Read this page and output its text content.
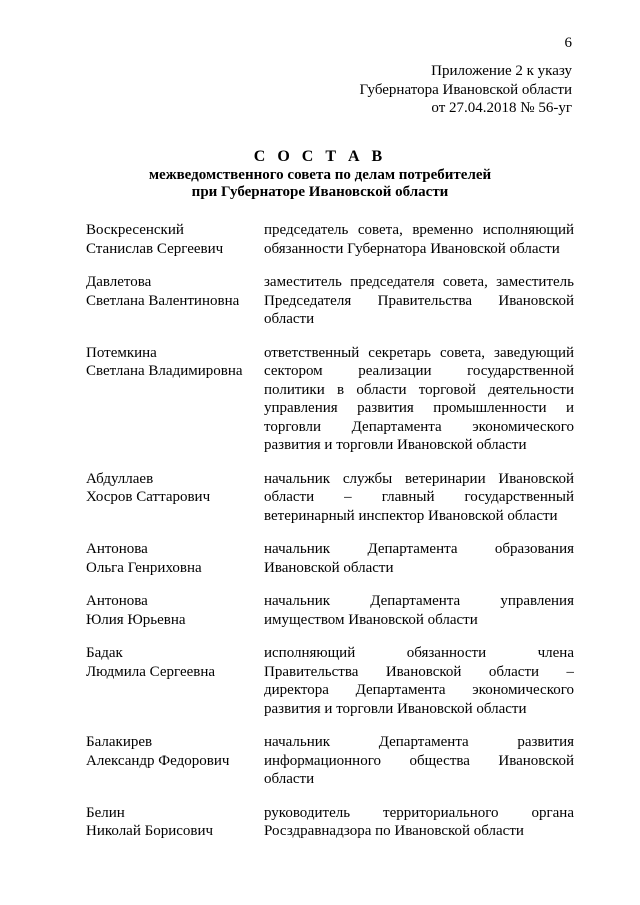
6
Приложение 2 к указу
Губернатора Ивановской области
от 27.04.2018 № 56-уг
С О С Т А В
межведомственного совета по делам потребителей
при Губернаторе Ивановской области
Воскресенский
Станислав Сергеевич
председатель совета, временно исполняющий
обязанности Губернатора Ивановской области
Давлетова
Светлана Валентиновна
заместитель председателя совета, заместитель
Председателя Правительства Ивановской
области
Потемкина
Светлана Владимировна
ответственный секретарь совета, заведующий
сектором реализации государственной
политики в области торговой деятельности
управления развития промышленности и
торговли Департамента экономического
развития и торговли Ивановской области
Абдуллаев
Хосров Саттарович
начальник службы ветеринарии Ивановской
области – главный государственный
ветеринарный инспектор Ивановской области
Антонова
Ольга Генриховна
начальник Департамента образования
Ивановской области
Антонова
Юлия Юрьевна
начальник Департамента управления
имуществом Ивановской области
Бадак
Людмила Сергеевна
исполняющий обязанности члена
Правительства Ивановской области –
директора Департамента экономического
развития и торговли Ивановской области
Балакирев
Александр Федорович
начальник Департамента развития
информационного общества Ивановской
области
Белин
Николай Борисович
руководитель территориального органа
Росздравнадзора по Ивановской области
